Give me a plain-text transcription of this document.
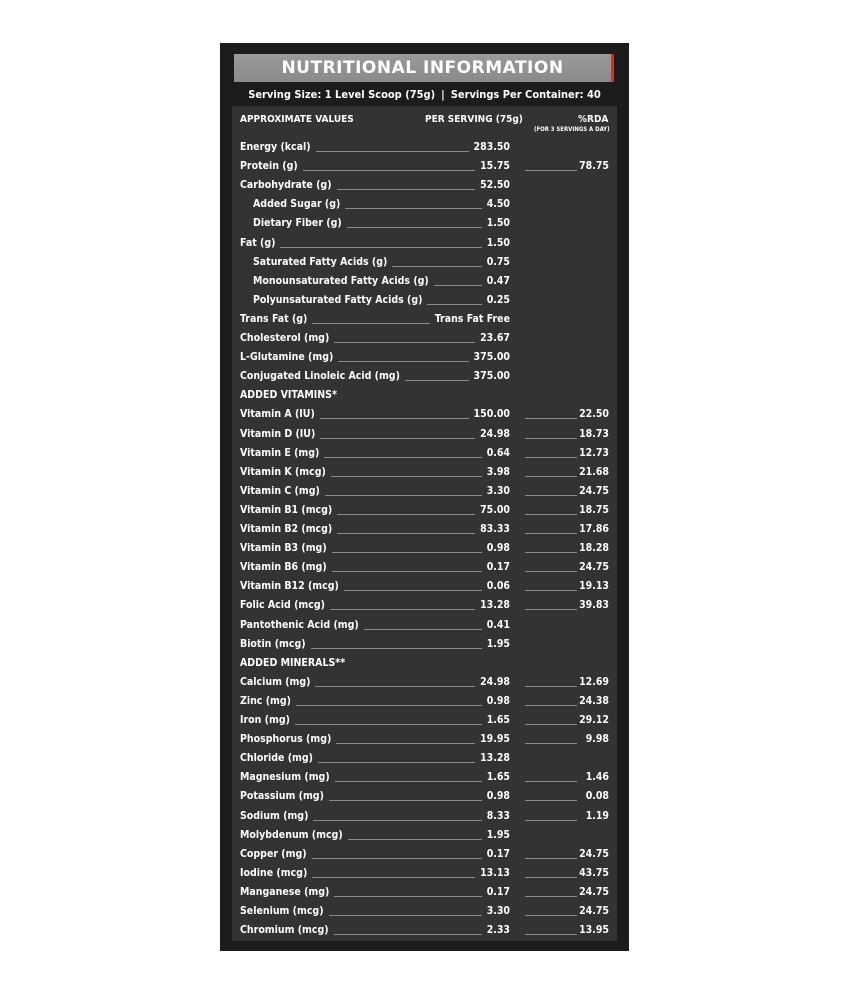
NUTRITIONAL INFORMATION
Serving Size: 1 Level Scoop (75g) | Servings Per Container: 40
APPROXIMATE VALUES	PER SERVING (75g)	%RDA
(FOR 3 SERVINGS A DAY)
Energy (kcal)	283.50
Protein (g)	15.75	78.75
Carbohydrate (g)	52.50
Added Sugar (g)	4.50
Dietary Fiber (g)	1.50
Fat (g)	1.50
Saturated Fatty Acids (g)	0.75
Monounsaturated Fatty Acids (g)	0.47
Polyunsaturated Fatty Acids (g)	0.25
Trans Fat (g)	Trans Fat Free
Cholesterol (mg)	23.67
L-Glutamine (mg)	375.00
Conjugated Linoleic Acid (mg)	375.00
ADDED VITAMINS*
Vitamin A (IU)	150.00	22.50
Vitamin D (IU)	24.98	18.73
Vitamin E (mg)	0.64	12.73
Vitamin K (mcg)	3.98	21.68
Vitamin C (mg)	3.30	24.75
Vitamin B1 (mcg)	75.00	18.75
Vitamin B2 (mcg)	83.33	17.86
Vitamin B3 (mg)	0.98	18.28
Vitamin B6 (mg)	0.17	24.75
Vitamin B12 (mcg)	0.06	19.13
Folic Acid (mcg)	13.28	39.83
Pantothenic Acid (mg)	0.41
Biotin (mcg)	1.95
ADDED MINERALS**
Calcium (mg)	24.98	12.69
Zinc (mg)	0.98	24.38
Iron (mg)	1.65	29.12
Phosphorus (mg)	19.95	9.98
Chloride (mg)	13.28
Magnesium (mg)	1.65	1.46
Potassium (mg)	0.98	0.08
Sodium (mg)	8.33	1.19
Molybdenum (mcg)	1.95
Copper (mg)	0.17	24.75
Iodine (mcg)	13.13	43.75
Manganese (mg)	0.17	24.75
Selenium (mcg)	3.30	24.75
Chromium (mcg)	2.33	13.95
